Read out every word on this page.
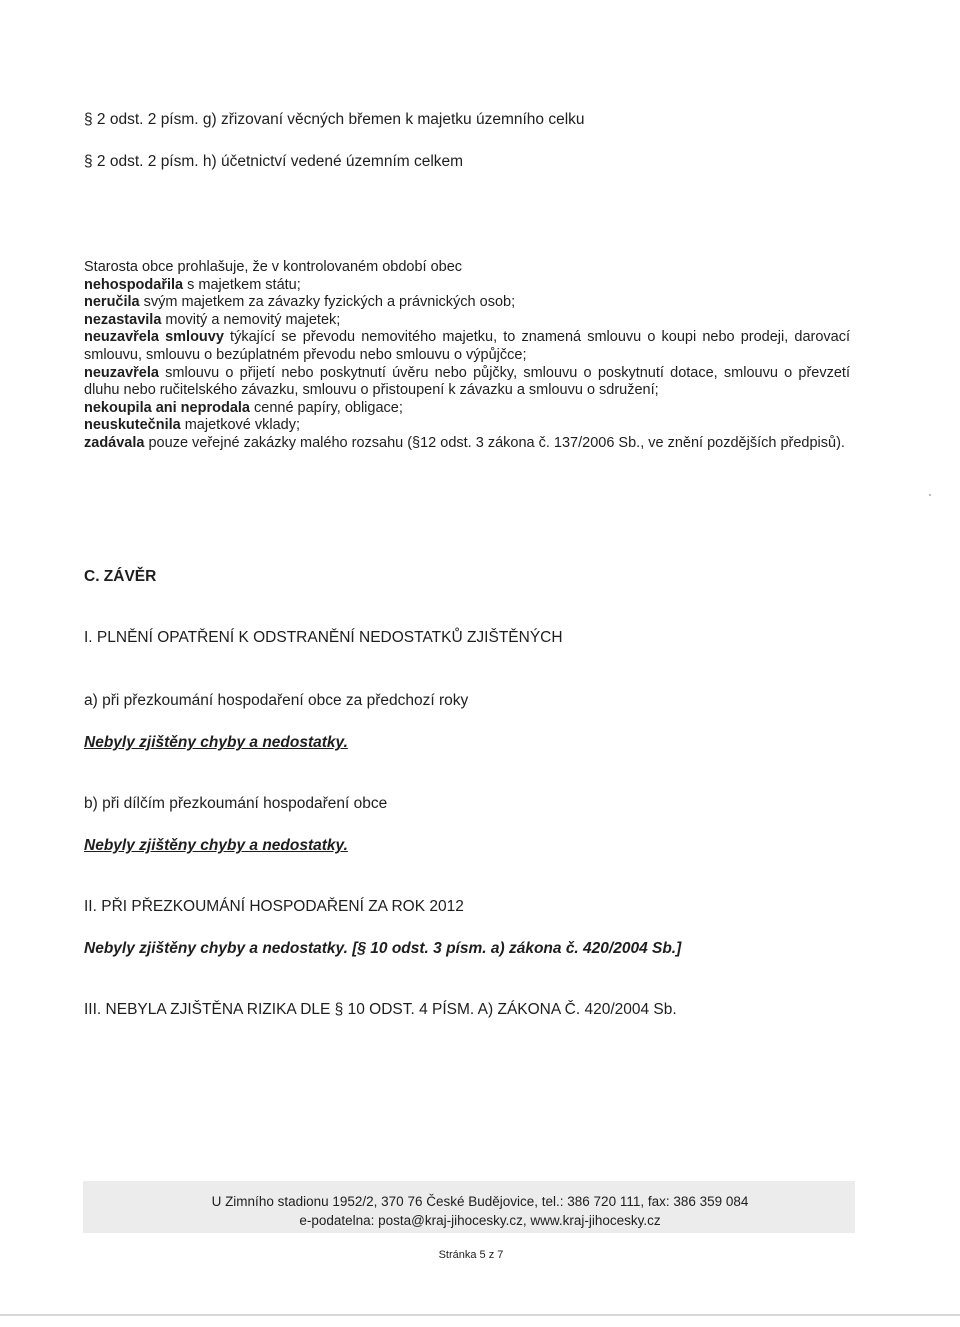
§ 2 odst. 2 písm. g) zřizovaní věcných břemen k majetku územního celku
§ 2 odst. 2 písm. h) účetnictví vedené územním celkem

Starosta obce prohlašuje, že v kontrolovaném období obec

nehospodařila s majetkem státu;

neručila svým majetkem za závazky fyzických a právnických osob;

nezastavila movitý a nemovitý majetek;

neuzavřela smlouvy týkající se převodu nemovitého majetku, to znamená smlouvu o koupi nebo prodeji, darovací smlouvu, smlouvu o bezúplatném převodu nebo smlouvu o výpůjčce;

neuzavřela smlouvu o přijetí nebo poskytnutí úvěru nebo půjčky, smlouvu o poskytnutí dotace, smlouvu o převzetí dluhu nebo ručitelského závazku, smlouvu o přistoupení k závazku a smlouvu o sdružení;

nekoupila ani neprodala cenné papíry, obligace;

neuskutečnila majetkové vklady;

zadávala pouze veřejné zakázky malého rozsahu (§12 odst. 3 zákona č. 137/2006 Sb., ve znění pozdějších předpisů).

C. ZÁVĚR
I. PLNĚNÍ OPATŘENÍ K ODSTRANĚNÍ NEDOSTATKŮ ZJIŠTĚNÝCH
a) při přezkoumání hospodaření obce za předchozí roky
Nebyly zjištěny chyby a nedostatky.
b) při dílčím přezkoumání hospodaření obce
Nebyly zjištěny chyby a nedostatky.
II. PŘI PŘEZKOUMÁNÍ HOSPODAŘENÍ ZA ROK 2012
Nebyly zjištěny chyby a nedostatky. [§ 10 odst. 3 písm. a) zákona č. 420/2004 Sb.]
III. NEBYLA ZJIŠTĚNA RIZIKA DLE § 10 ODST. 4 PÍSM. A) ZÁKONA Č. 420/2004 Sb.
U Zimního stadionu 1952/2, 370 76 České Budějovice, tel.: 386 720 111, fax: 386 359 084
e-podatelna: posta@kraj-jihocesky.cz, www.kraj-jihocesky.cz
Stránka 5 z 7
